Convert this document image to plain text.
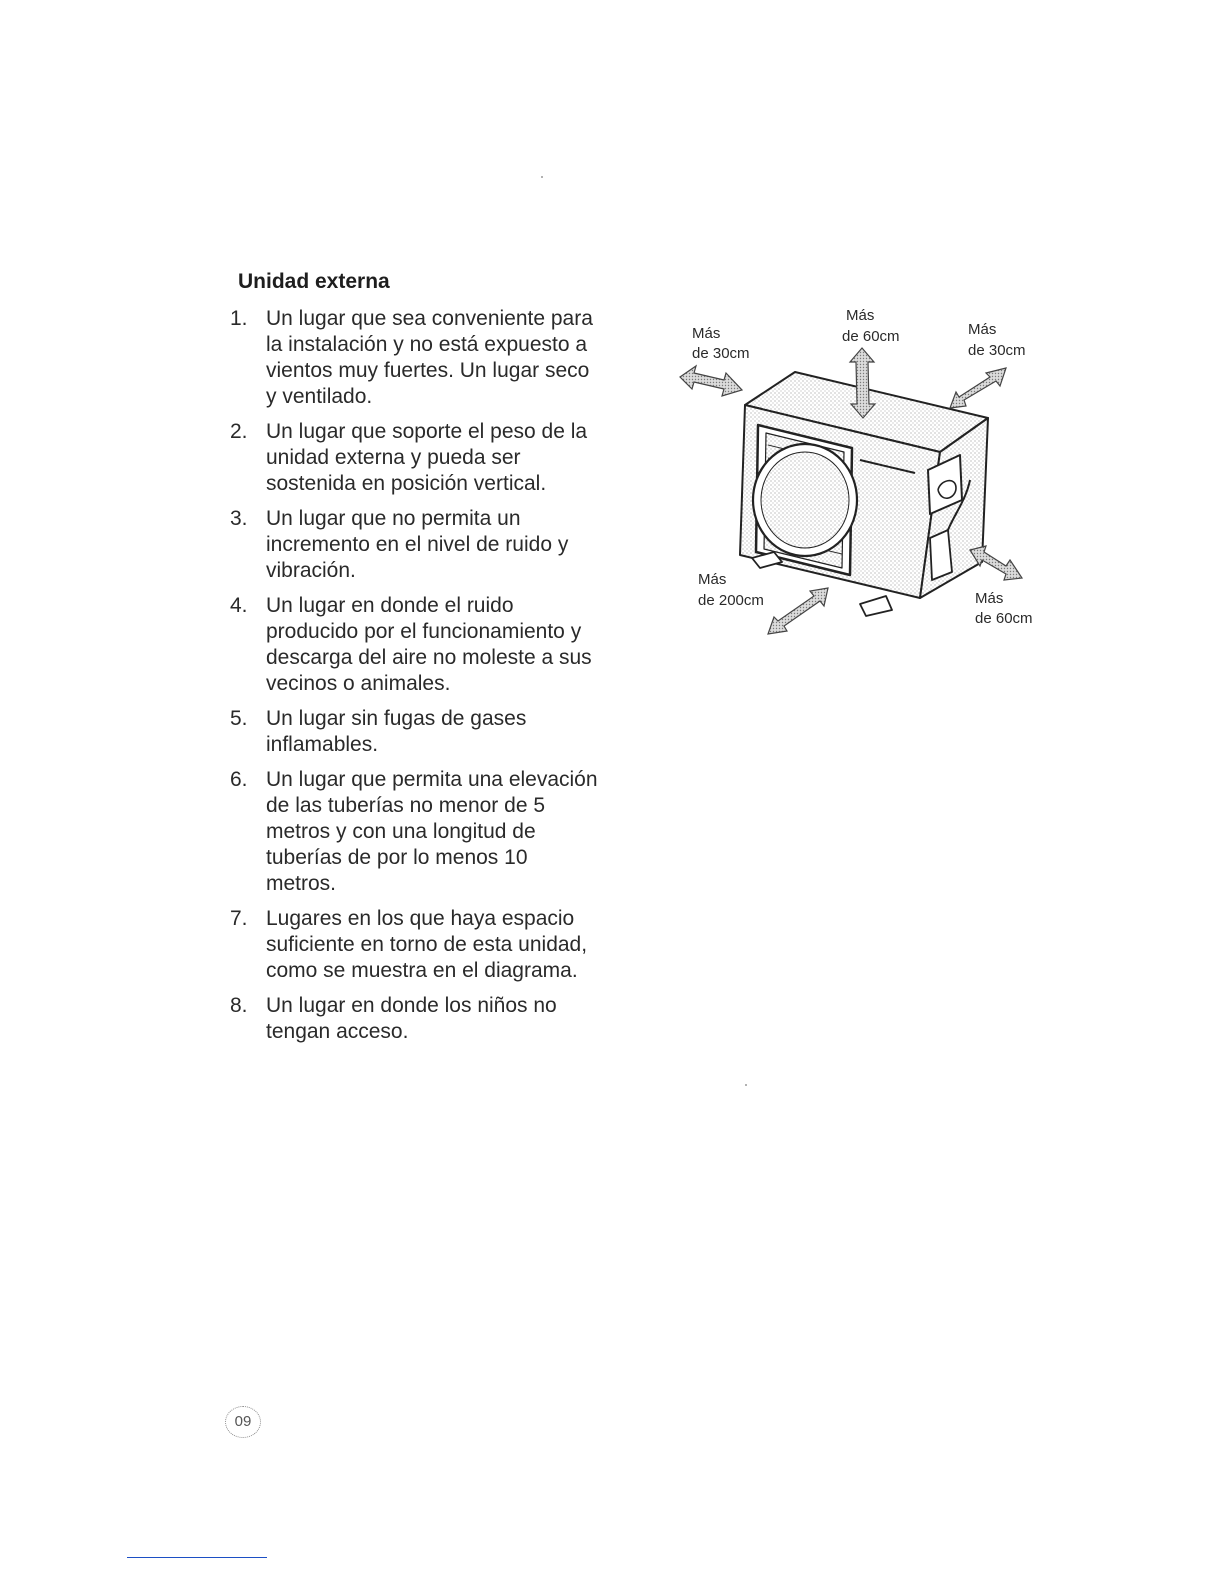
Unidad externa
1. Un lugar que sea conveniente para
la instalación y no está expuesto a
vientos muy fuertes. Un lugar seco
y ventilado.
2. Un lugar que soporte el peso de la
unidad externa y pueda ser
sostenida en posición vertical.
3. Un lugar que no permita un
incremento en el nivel de ruido y
vibración.
4. Un lugar en donde el ruido
producido por el funcionamiento y
descarga del aire no moleste a sus
vecinos o animales.
5. Un lugar sin fugas de gases
inflamables.
6. Un lugar que permita una elevación
de las tuberías no menor de 5
metros y con una longitud de
tuberías de por lo menos 10
metros.
7. Lugares en los que haya espacio
suficiente en torno de esta unidad,
como se muestra en el diagrama.
8. Un lugar en donde los niños no
tengan acceso.
Más
de 30cm
Más
de 60cm	Más
de 30cm
Más
de 200cm	Más
de 60cm
09
